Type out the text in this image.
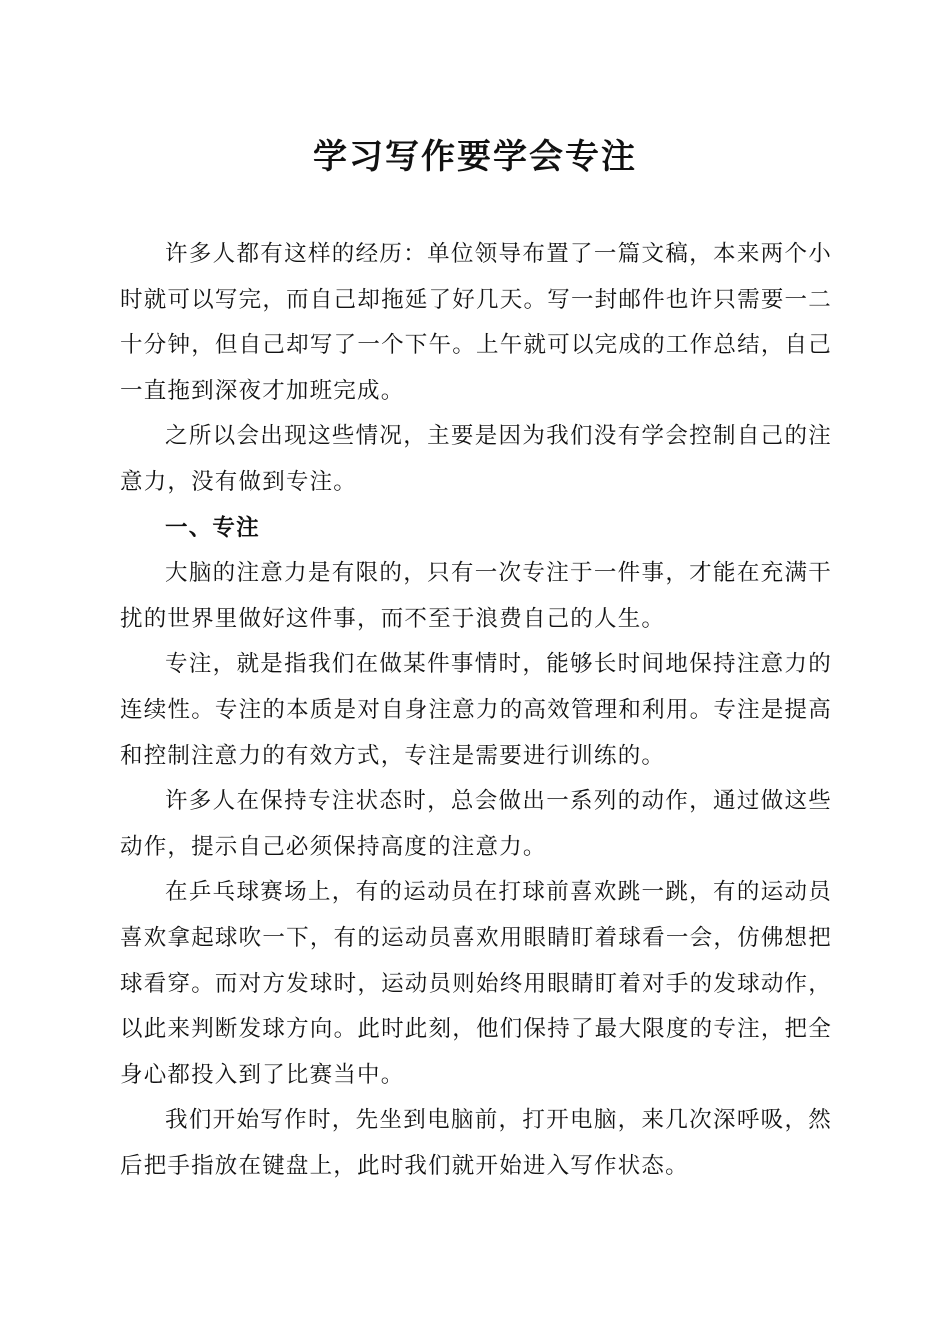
学习写作要学会专注

许多人都有这样的经历：单位领导布置了一篇文稿，本来两个小时就可以写完，而自己却拖延了好几天。写一封邮件也许只需要一二十分钟，但自己却写了一个下午。上午就可以完成的工作总结，自己一直拖到深夜才加班完成。

之所以会出现这些情况，主要是因为我们没有学会控制自己的注意力，没有做到专注。

一、专注

大脑的注意力是有限的，只有一次专注于一件事，才能在充满干扰的世界里做好这件事，而不至于浪费自己的人生。

专注，就是指我们在做某件事情时，能够长时间地保持注意力的连续性。专注的本质是对自身注意力的高效管理和利用。专注是提高和控制注意力的有效方式，专注是需要进行训练的。

许多人在保持专注状态时，总会做出一系列的动作，通过做这些动作，提示自己必须保持高度的注意力。

在乒乓球赛场上，有的运动员在打球前喜欢跳一跳，有的运动员喜欢拿起球吹一下，有的运动员喜欢用眼睛盯着球看一会，仿佛想把球看穿。而对方发球时，运动员则始终用眼睛盯着对手的发球动作，以此来判断发球方向。此时此刻，他们保持了最大限度的专注，把全身心都投入到了比赛当中。

我们开始写作时，先坐到电脑前，打开电脑，来几次深呼吸，然后把手指放在键盘上，此时我们就开始进入写作状态。
